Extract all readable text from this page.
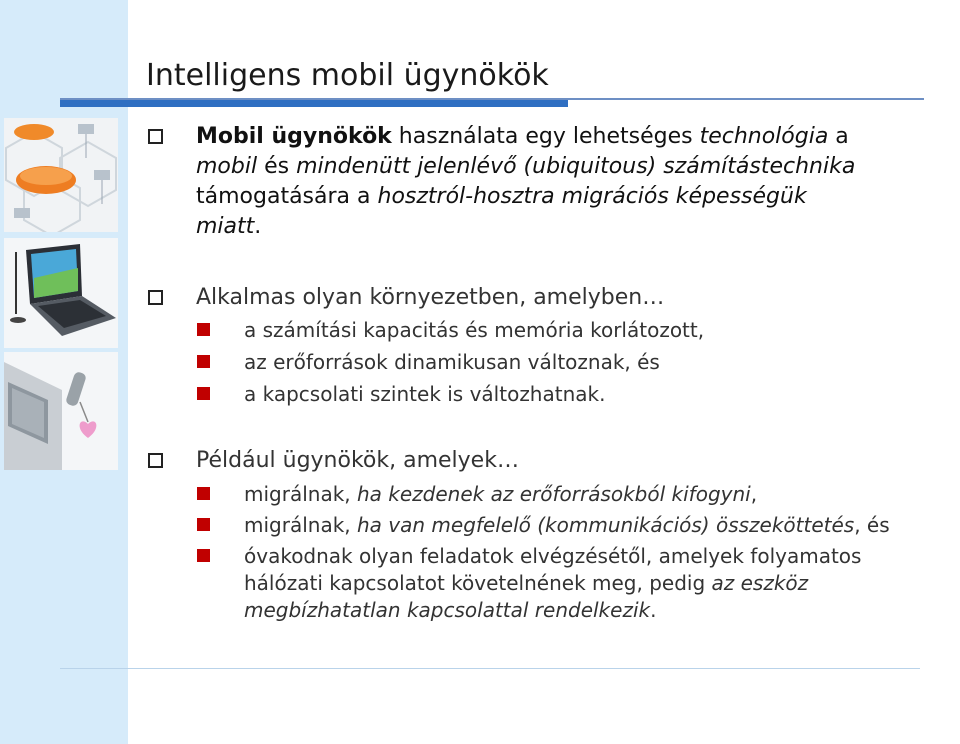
Intelligens mobil ügynökök
Mobil ügynökök használata egy lehetséges technológia a
mobil és mindenütt jelenlévő (ubiquitous) számítástechnika
támogatására a hosztról-hosztra migrációs képességük
miatt.
Alkalmas olyan környezetben, amelyben…
a számítási kapacitás és memória korlátozott,
az erőforrások dinamikusan változnak, és
a kapcsolati szintek is változhatnak.
Például ügynökök, amelyek…
migrálnak, ha kezdenek az erőforrásokból kifogyni,
migrálnak, ha van megfelelő (kommunikációs) összeköttetés, és
óvakodnak olyan feladatok elvégzésétől, amelyek folyamatos
hálózati kapcsolatot követelnének meg, pedig az eszköz
megbízhatatlan kapcsolattal rendelkezik.
